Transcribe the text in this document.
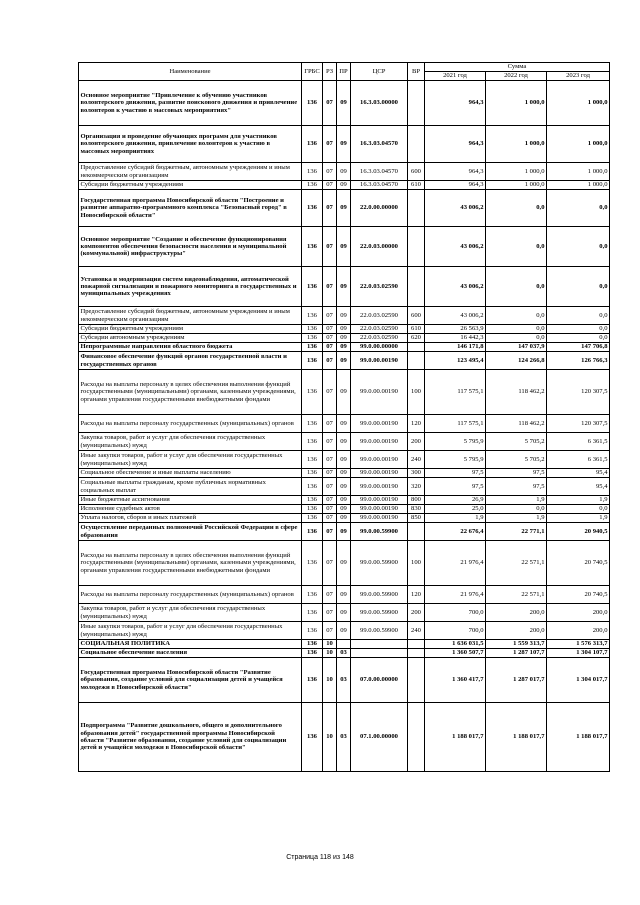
Наименование	ГРБС	РЗ	ПР	ЦСР	ВР	Сумма		
						2021 год	2022 год	2023 год
Основное мероприятие "Привлечение к обучению участников волонтерского движения, развитие поискового движения и привлечение волонтеров к участию в массовых мероприятиях"	136	07	09	16.3.03.00000		964,3	1 000,0	1 000,0
Организация и проведение обучающих программ для участников волонтерского движения, привлечение волонтеров к участию в массовых мероприятиях	136	07	09	16.3.03.04570		964,3	1 000,0	1 000,0
Предоставление субсидий бюджетным, автономным учреждениям и иным некоммерческим организациям	136	07	09	16.3.03.04570	600	964,3	1 000,0	1 000,0
Субсидии бюджетным учреждениям	136	07	09	16.3.03.04570	610	964,3	1 000,0	1 000,0
Государственная программа Новосибирской области "Построение и развитие аппаратно-программного комплекса "Безопасный город" в Новосибирской области"	136	07	09	22.0.00.00000		43 006,2	0,0	0,0
Основное мероприятие "Создание и обеспечение функционирования компонентов обеспечения безопасности населения и муниципальной (коммунальной) инфраструктуры"	136	07	09	22.0.03.00000		43 006,2	0,0	0,0
Установка и модернизация систем видеонаблюдения, автоматической пожарной сигнализации и пожарного мониторинга в государственных и муниципальных учреждениях	136	07	09	22.0.03.02590		43 006,2	0,0	0,0
Предоставление субсидий бюджетным, автономным учреждениям и иным некоммерческим организациям	136	07	09	22.0.03.02590	600	43 006,2	0,0	0,0
Субсидии бюджетным учреждениям	136	07	09	22.0.03.02590	610	26 563,9	0,0	0,0
Субсидии автономным учреждениям	136	07	09	22.0.03.02590	620	16 442,3	0,0	0,0
Непрограммные направления областного бюджета	136	07	09	99.0.00.00000		146 171,8	147 037,9	147 706,8
Финансовое обеспечение функций органов государственной власти и государственных органов	136	07	09	99.0.00.00190		123 495,4	124 266,8	126 766,3
Расходы на выплаты персоналу в целях обеспечения выполнения функций государственными (муниципальными) органами, казенными учреждениями, органами управления государственными внебюджетными фондами	136	07	09	99.0.00.00190	100	117 575,1	118 462,2	120 307,5
Расходы на выплаты персоналу государственных (муниципальных) органов	136	07	09	99.0.00.00190	120	117 575,1	118 462,2	120 307,5
Закупка товаров, работ и услуг для обеспечения государственных (муниципальных) нужд	136	07	09	99.0.00.00190	200	5 795,9	5 705,2	6 361,5
Иные закупки товаров, работ и услуг для обеспечения государственных (муниципальных) нужд	136	07	09	99.0.00.00190	240	5 795,9	5 705,2	6 361,5
Социальное обеспечение и иные выплаты населению	136	07	09	99.0.00.00190	300	97,5	97,5	95,4
Социальные выплаты гражданам, кроме публичных нормативных социальных выплат	136	07	09	99.0.00.00190	320	97,5	97,5	95,4
Иные бюджетные ассигнования	136	07	09	99.0.00.00190	800	26,9	1,9	1,9
Исполнение судебных актов	136	07	09	99.0.00.00190	830	25,0	0,0	0,0
Уплата налогов, сборов и иных платежей	136	07	09	99.0.00.00190	850	1,9	1,9	1,9
Осуществление переданных полномочий Российской Федерации в сфере образования	136	07	09	99.0.00.59900		22 676,4	22 771,1	20 940,5
Расходы на выплаты персоналу в целях обеспечения выполнения функций государственными (муниципальными) органами, казенными учреждениями, органами управления государственными внебюджетными фондами	136	07	09	99.0.00.59900	100	21 976,4	22 571,1	20 740,5
Расходы на выплаты персоналу государственных (муниципальных) органов	136	07	09	99.0.00.59900	120	21 976,4	22 571,1	20 740,5
Закупка товаров, работ и услуг для обеспечения государственных (муниципальных) нужд	136	07	09	99.0.00.59900	200	700,0	200,0	200,0
Иные закупки товаров, работ и услуг для обеспечения государственных (муниципальных) нужд	136	07	09	99.0.00.59900	240	700,0	200,0	200,0
СОЦИАЛЬНАЯ ПОЛИТИКА	136	10				1 636 031,5	1 559 313,7	1 576 313,7
Социальное обеспечение населения	136	10	03			1 360 507,7	1 287 107,7	1 304 107,7
Государственная программа Новосибирской области "Развитие образования, создание условий для социализации детей и учащейся молодежи в Новосибирской области"	136	10	03	07.0.00.00000		1 360 417,7	1 287 017,7	1 304 017,7
Подпрограмма "Развитие дошкольного, общего и дополнительного образования детей" государственной программы Новосибирской области "Развитие образования, создание условий для социализации детей и учащейся молодежи в Новосибирской области"	136	10	03	07.1.00.00000		1 188 017,7	1 188 017,7	1 188 017,7
Страница 118 из 148
